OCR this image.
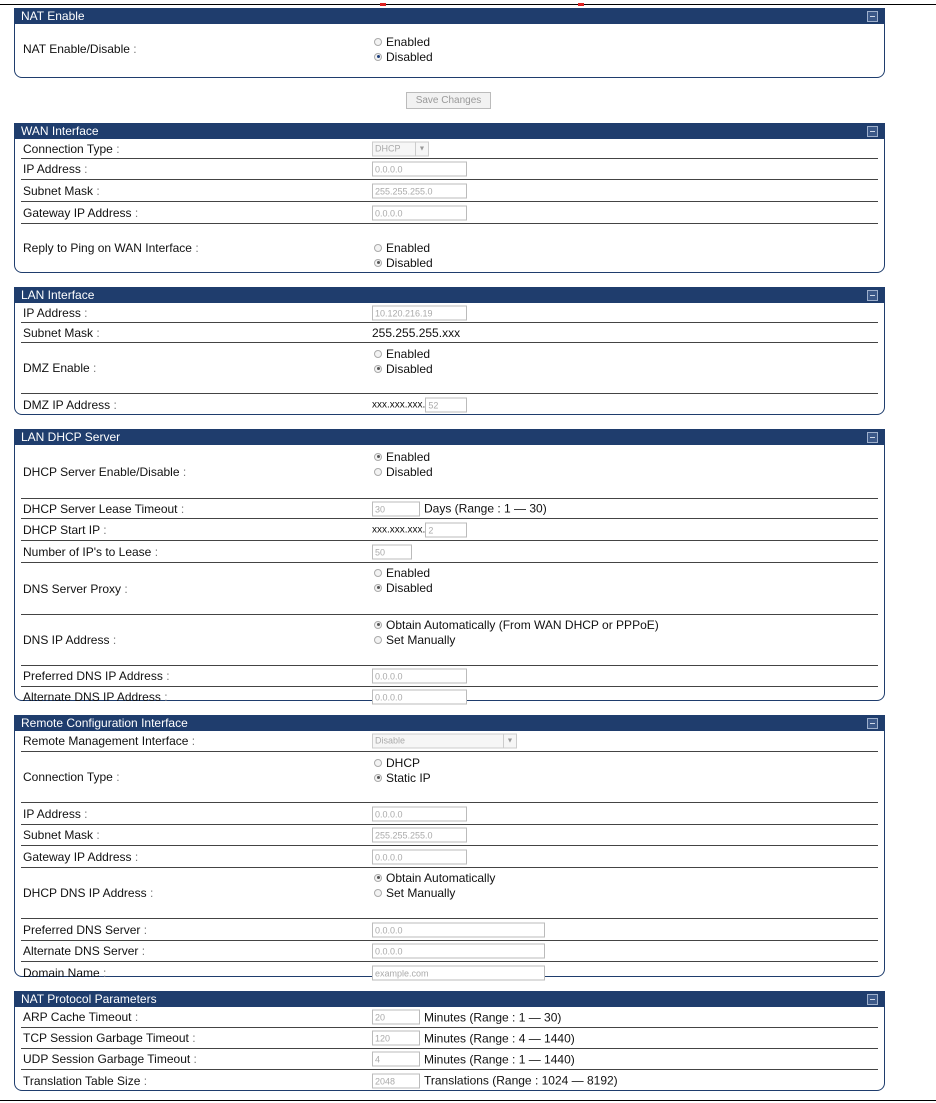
NAT Enable
NAT Enable/Disable :
Enabled
Disabled
Save Changes
WAN Interface
Connection Type :	DHCP	▼
IP Address :	0.0.0.0
Subnet Mask :	255.255.255.0
Gateway IP Address :	0.0.0.0
Reply to Ping on WAN Interface :	Enabled
Disabled
LAN Interface
IP Address :	10.120.216.19
Subnet Mask :	255.255.255.xxx
DMZ Enable :
Enabled
Disabled
DMZ IP Address :	xxx.xxx.xxx. 52
LAN DHCP Server
DHCP Server Enable/Disable :
Enabled
Disabled
DHCP Server Lease Timeout :	30	Days (Range : 1 — 30)
DHCP Start IP :	xxx.xxx.xxx. 2
Number of IP's to Lease :	50
DNS Server Proxy :
Enabled
Disabled
DNS IP Address :
Obtain Automatically (From WAN DHCP or PPPoE)
Set Manually
Preferred DNS IP Address :	0.0.0.0
Alternate DNS IP Address :	0.0.0.0
Remote Configuration Interface
Remote Management Interface :	Disable	▼
Connection Type :
DHCP
Static IP
IP Address :	0.0.0.0
Subnet Mask :	255.255.255.0
Gateway IP Address :	0.0.0.0
DHCP DNS IP Address :
Obtain Automatically
Set Manually
Preferred DNS Server :	0.0.0.0
Alternate DNS Server :	0.0.0.0
Domain Name :	example.com
NAT Protocol Parameters
ARP Cache Timeout :	20	Minutes (Range : 1 — 30)
TCP Session Garbage Timeout :	120	Minutes (Range : 4 — 1440)
UDP Session Garbage Timeout :	4	Minutes (Range : 1 — 1440)
Translation Table Size :	2048	Translations (Range : 1024 — 8192)
